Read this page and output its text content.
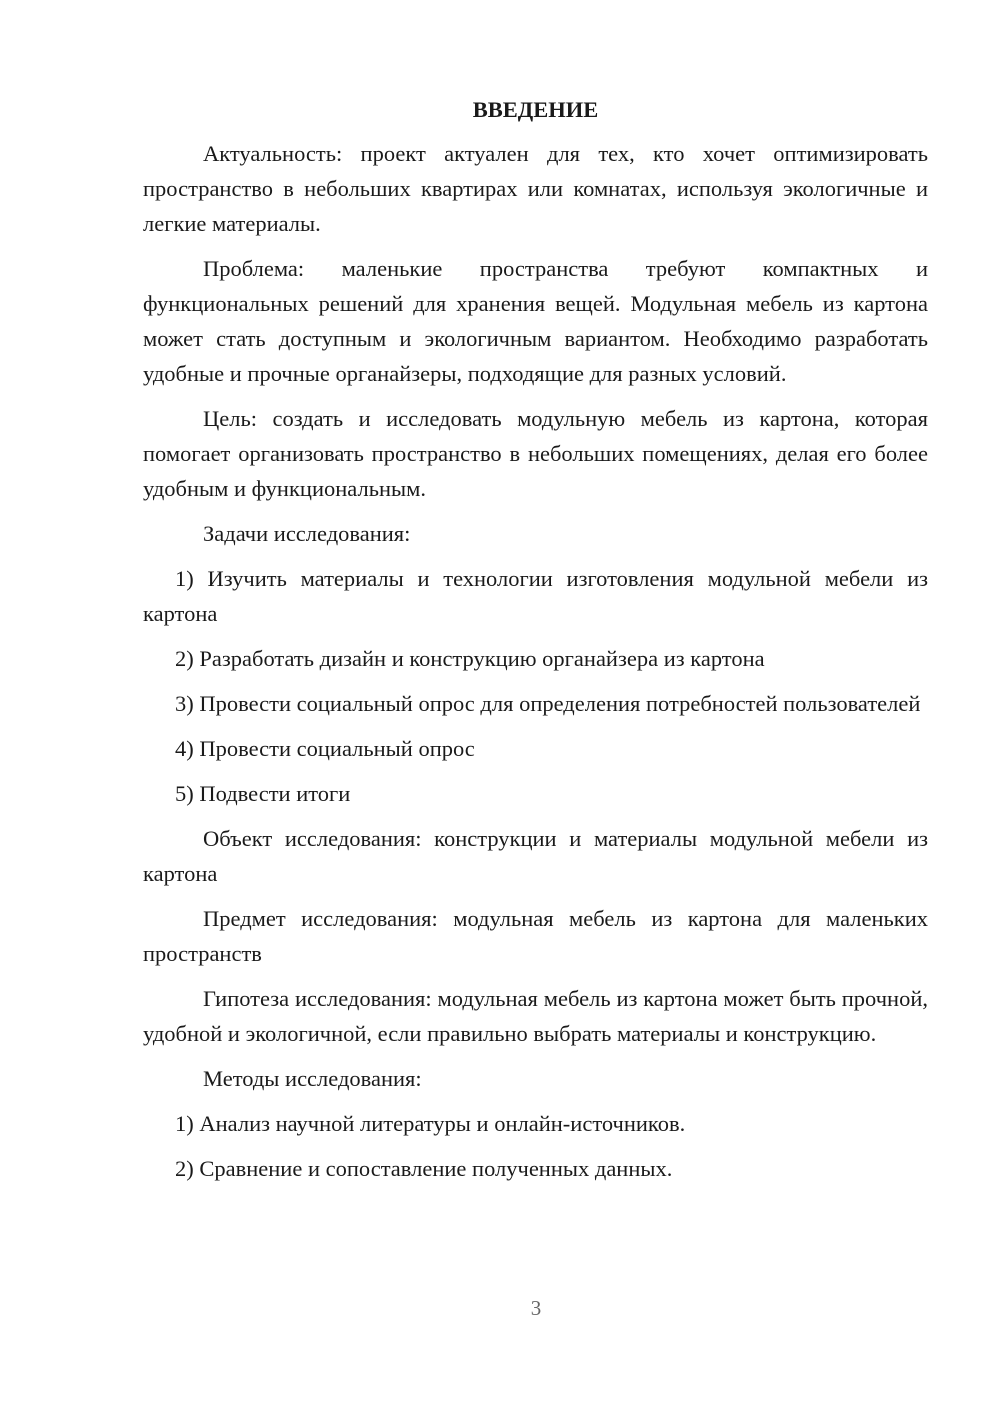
ВВЕДЕНИЕ

Актуальность: проект актуален для тех, кто хочет оптимизировать пространство в небольших квартирах или комнатах, используя экологичные и легкие материалы.

Проблема: маленькие пространства требуют компактных и функциональных решений для хранения вещей. Модульная мебель из картона может стать доступным и экологичным вариантом. Необходимо разработать удобные и прочные органайзеры, подходящие для разных условий.

Цель: создать и исследовать модульную мебель из картона, которая помогает организовать пространство в небольших помещениях, делая его более удобным и функциональным.

Задачи исследования:

1) Изучить материалы и технологии изготовления модульной мебели из картона

2) Разработать дизайн и конструкцию органайзера из картона

3) Провести социальный опрос для определения потребностей пользователей

4) Провести социальный опрос

5) Подвести итоги

Объект исследования: конструкции и материалы модульной мебели из картона

Предмет исследования: модульная мебель из картона для маленьких пространств

Гипотеза исследования: модульная мебель из картона может быть прочной, удобной и экологичной, если правильно выбрать материалы и конструкцию.

Методы исследования:

1) Анализ научной литературы и онлайн-источников.

2) Сравнение и сопоставление полученных данных.

3
